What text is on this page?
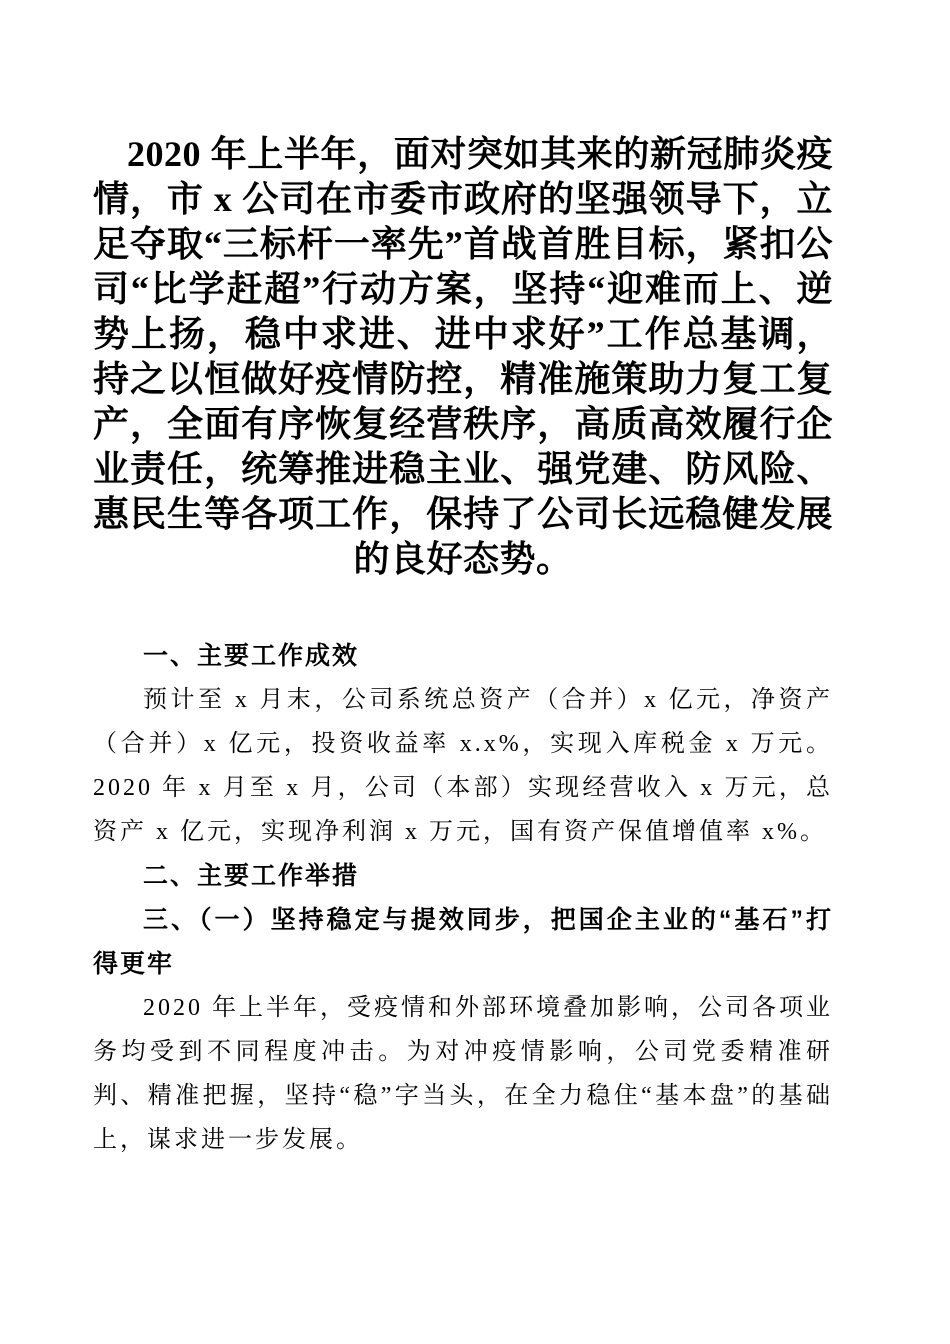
2020 年上半年，面对突如其来的新冠肺炎疫情，市 x 公司在市委市政府的坚强领导下，立足夺取“三标杆一率先”首战首胜目标，紧扣公司“比学赶超”行动方案，坚持“迎难而上、逆势上扬，稳中求进、进中求好”工作总基调，持之以恒做好疫情防控，精准施策助力复工复产，全面有序恢复经营秩序，高质高效履行企业责任，统筹推进稳主业、强党建、防风险、惠民生等各项工作，保持了公司长远稳健发展的良好态势。

一、主要工作成效

预计至 x 月末，公司系统总资产（合并）x 亿元，净资产（合并）x 亿元，投资收益率 x.x%，实现入库税金 x 万元。2020 年 x 月至 x 月，公司（本部）实现经营收入 x 万元，总资产 x 亿元，实现净利润 x 万元，国有资产保值增值率 x%。

二、主要工作举措

三、（一）坚持稳定与提效同步，把国企主业的“基石”打得更牢

2020 年上半年，受疫情和外部环境叠加影响，公司各项业务均受到不同程度冲击。为对冲疫情影响，公司党委精准研判、精准把握，坚持“稳”字当头，在全力稳住“基本盘”的基础上，谋求进一步发展。
